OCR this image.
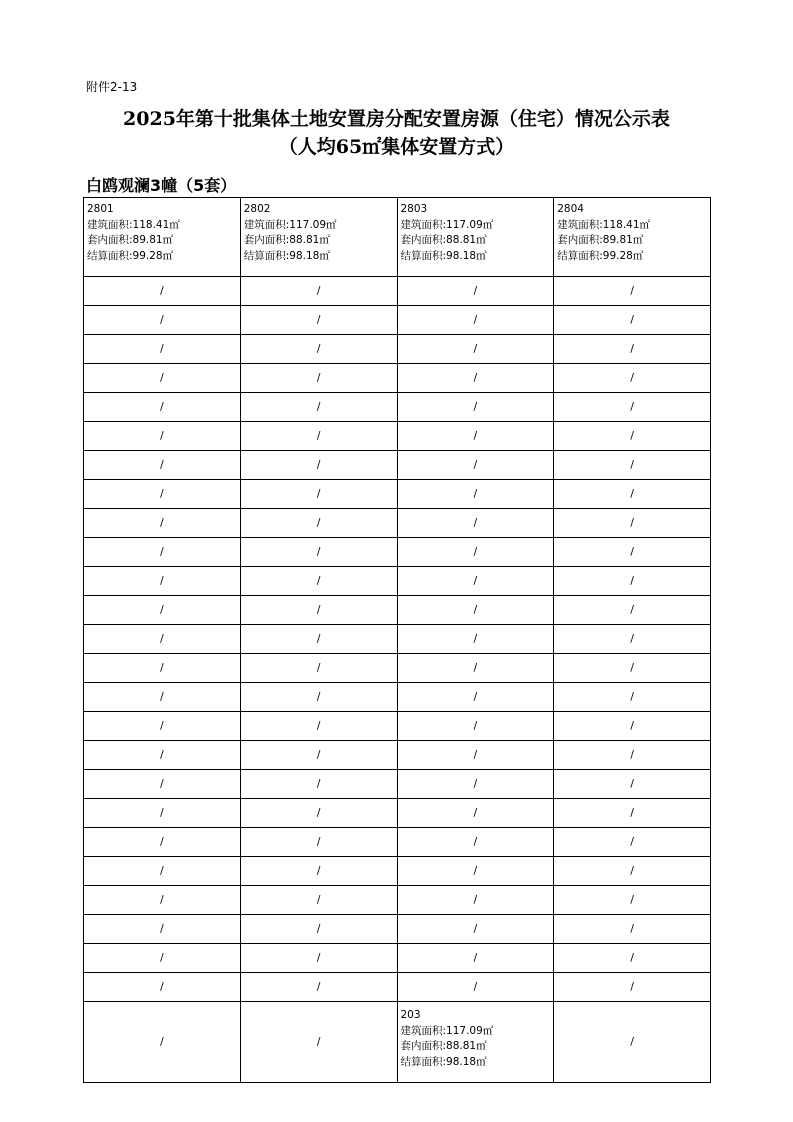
附件2-13
2025年第十批集体土地安置房分配安置房源（住宅）情况公示表
（人均65㎡集体安置方式）
白鸥观澜3幢（5套）
2801
建筑面积:118.41㎡
套内面积:89.81㎡
结算面积:99.28㎡	2802
建筑面积:117.09㎡
套内面积:88.81㎡
结算面积:98.18㎡	2803
建筑面积:117.09㎡
套内面积:88.81㎡
结算面积:98.18㎡	2804
建筑面积:118.41㎡
套内面积:89.81㎡
结算面积:99.28㎡

/	/	/	/
/	/	/	/
/	/	/	/
/	/	/	/
/	/	/	/
/	/	/	/
/	/	/	/
/	/	/	/
/	/	/	/
/	/	/	/
/	/	/	/
/	/	/	/
/	/	/	/
/	/	/	/
/	/	/	/
/	/	/	/
/	/	/	/
/	/	/	/
/	/	/	/
/	/	/	/
/	/	/	/
/	/	/	/
/	/	/	/
/	/	/	/
/	/	/	/
/	/	203
建筑面积:117.09㎡
套内面积:88.81㎡
结算面积:98.18㎡	/
